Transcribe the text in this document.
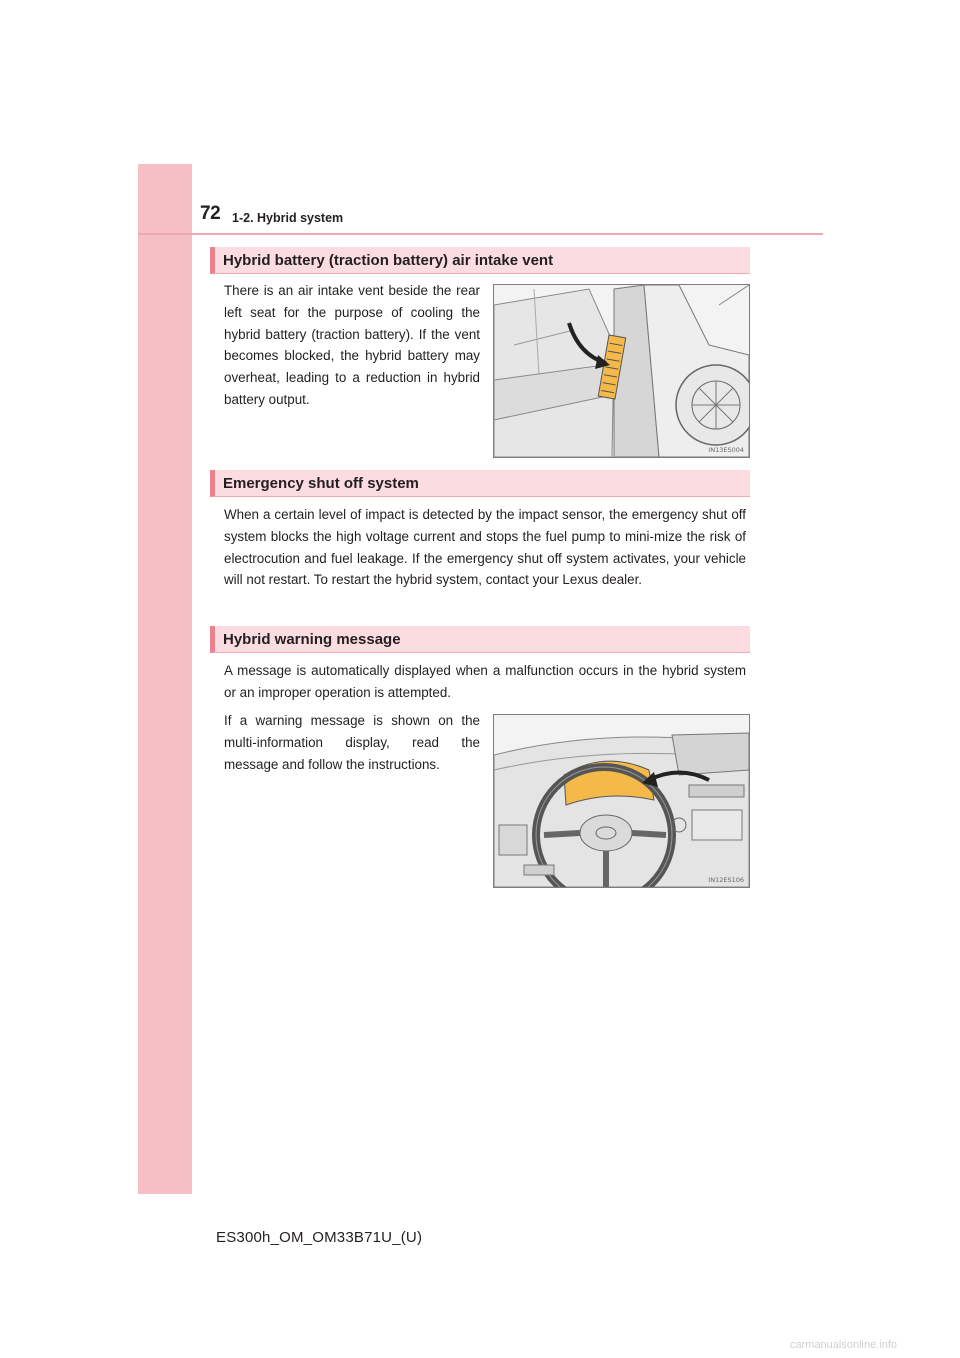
72 1-2. Hybrid system
Hybrid battery (traction battery) air intake vent

There is an air intake vent beside the rear left seat for the purpose of cooling the hybrid battery (traction battery). If the vent becomes blocked, the hybrid battery may overheat, leading to a reduction in hybrid battery output.

IN13ES004
Emergency shut off system

When a certain level of impact is detected by the impact sensor, the emergency shut off system blocks the high voltage current and stops the fuel pump to mini-mize the risk of electrocution and fuel leakage. If the emergency shut off system activates, your vehicle will not restart. To restart the hybrid system, contact your Lexus dealer.

Hybrid warning message

A message is automatically displayed when a malfunction occurs in the hybrid system or an improper operation is attempted.

If a warning message is shown on the multi-information display, read the message and follow the instructions.

IN12ES106
ES300h_OM_OM33B71U_(U)
carmanualsonline.info
